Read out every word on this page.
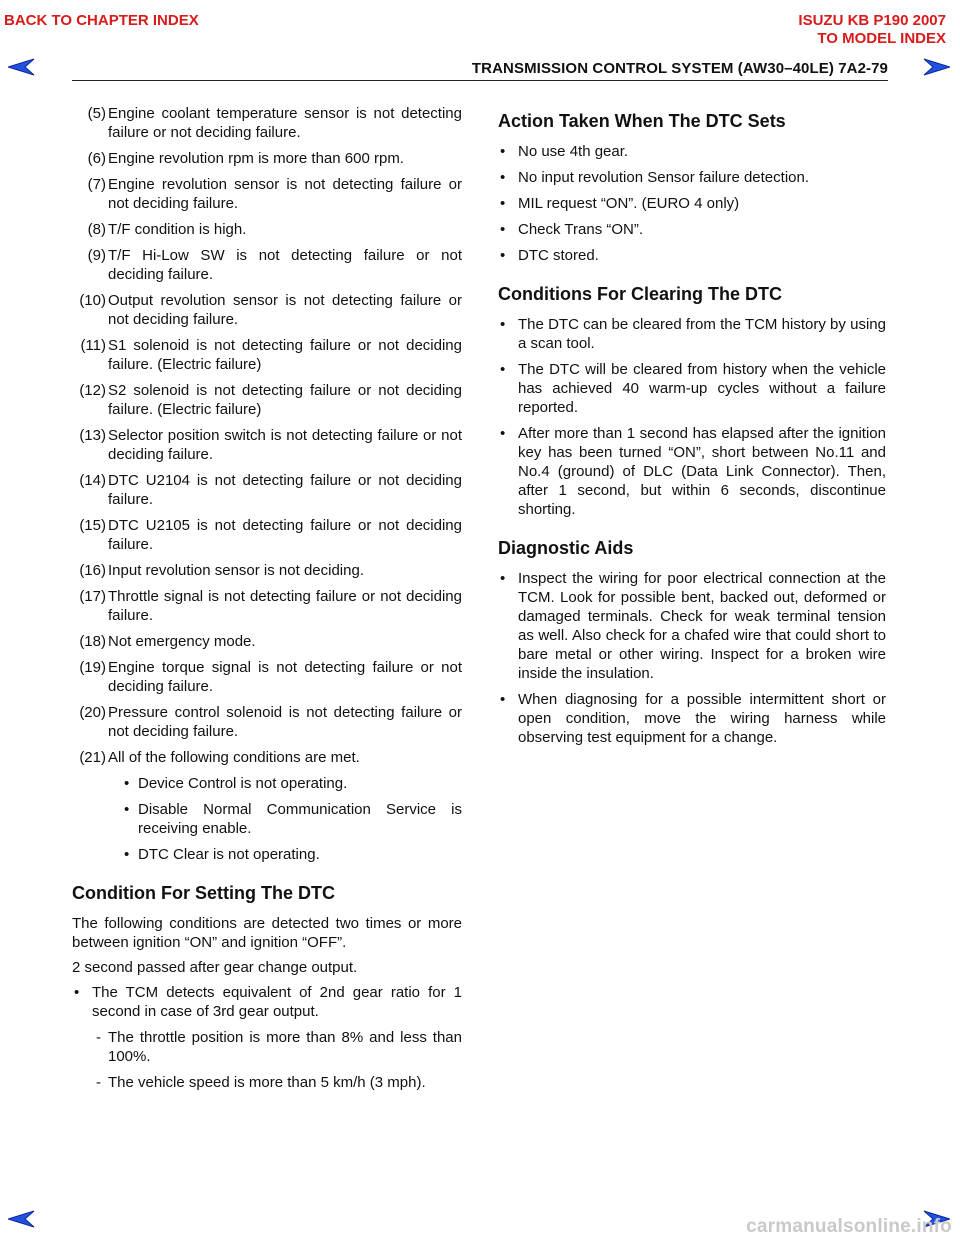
BACK TO CHAPTER INDEX	ISUZU KB P190 2007
TO MODEL INDEX
TRANSMISSION CONTROL SYSTEM (AW30–40LE) 7A2-79
(5) Engine coolant temperature sensor is not detecting failure or not deciding failure.
(6) Engine revolution rpm is more than 600 rpm.
(7) Engine revolution sensor is not detecting failure or not deciding failure.
(8) T/F condition is high.
(9) T/F Hi-Low SW is not detecting failure or not deciding failure.
(10) Output revolution sensor is not detecting failure or not deciding failure.
(11) S1 solenoid is not detecting failure or not deciding failure. (Electric failure)
(12) S2 solenoid is not detecting failure or not deciding failure. (Electric failure)
(13) Selector position switch is not detecting failure or not deciding failure.
(14) DTC U2104 is not detecting failure or not deciding failure.
(15) DTC U2105 is not detecting failure or not deciding failure.
(16) Input revolution sensor is not deciding.
(17) Throttle signal is not detecting failure or not deciding failure.
(18) Not emergency mode.
(19) Engine torque signal is not detecting failure or not deciding failure.
(20) Pressure control solenoid is not detecting failure or not deciding failure.
(21) All of the following conditions are met.
• Device Control is not operating.
• Disable Normal Communication Service is receiving enable.
• DTC Clear is not operating.
Condition For Setting The DTC
The following conditions are detected two times or more between ignition “ON” and ignition “OFF”.
2 second passed after gear change output.
• The TCM detects equivalent of 2nd gear ratio for 1 second in case of 3rd gear output.
- The throttle position is more than 8% and less than 100%.
- The vehicle speed is more than 5 km/h (3 mph).
Action Taken When The DTC Sets
• No use 4th gear.
• No input revolution Sensor failure detection.
• MIL request “ON”. (EURO 4 only)
• Check Trans “ON”.
• DTC stored.
Conditions For Clearing The DTC
• The DTC can be cleared from the TCM history by using a scan tool.
• The DTC will be cleared from history when the vehicle has achieved 40 warm-up cycles without a failure reported.
• After more than 1 second has elapsed after the ignition key has been turned “ON”, short between No.11 and No.4 (ground) of DLC (Data Link Connector). Then, after 1 second, but within 6 seconds, discontinue shorting.
Diagnostic Aids
• Inspect the wiring for poor electrical connection at the TCM. Look for possible bent, backed out, deformed or damaged terminals. Check for weak terminal tension as well. Also check for a chafed wire that could short to bare metal or other wiring. Inspect for a broken wire inside the insulation.
• When diagnosing for a possible intermittent short or open condition, move the wiring harness while observing test equipment for a change.
carmanualsonline.info
